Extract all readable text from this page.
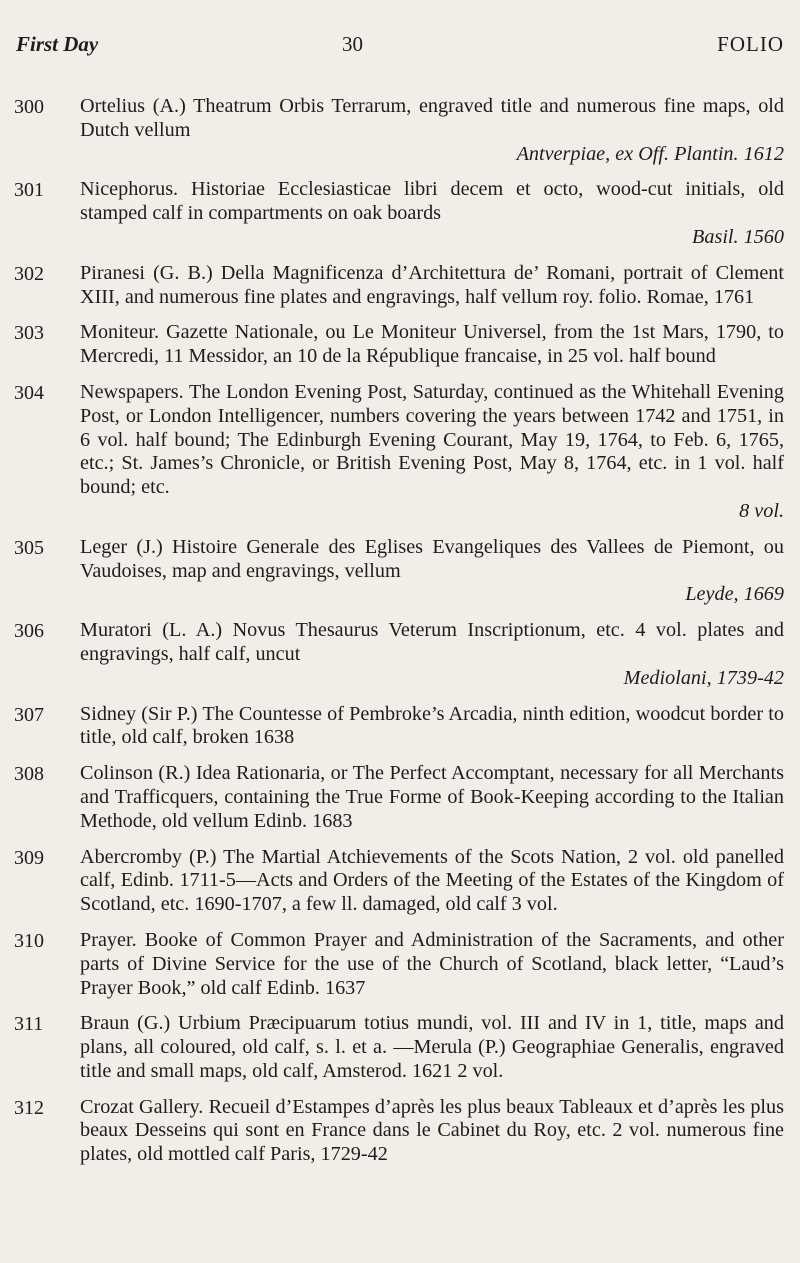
First Day	30	FOLIO
300	Ortelius (A.) Theatrum Orbis Terrarum, engraved title and numerous fine maps, old Dutch vellum
Antverpiae, ex Off. Plantin. 1612
301	Nicephorus. Historiae Ecclesiasticae libri decem et octo, wood-cut initials, old stamped calf in compartments on oak boards
Basil. 1560
302	Piranesi (G. B.) Della Magnificenza d’Architettura de’ Romani, portrait of Clement XIII, and numerous fine plates and engravings, half vellum roy. folio. Romae, 1761
303	Moniteur. Gazette Nationale, ou Le Moniteur Universel, from the 1st Mars, 1790, to Mercredi, 11 Messidor, an 10 de la République francaise, in 25 vol. half bound
304	Newspapers. The London Evening Post, Saturday, continued as the Whitehall Evening Post, or London Intelligencer, numbers covering the years between 1742 and 1751, in 6 vol. half bound; The Edinburgh Evening Courant, May 19, 1764, to Feb. 6, 1765, etc.; St. James’s Chronicle, or British Evening Post, May 8, 1764, etc. in 1 vol. half bound; etc.
8 vol.
305	Leger (J.) Histoire Generale des Eglises Evangeliques des Vallees de Piemont, ou Vaudoises, map and engravings, vellum
Leyde, 1669
306	Muratori (L. A.) Novus Thesaurus Veterum Inscriptionum, etc. 4 vol. plates and engravings, half calf, uncut
Mediolani, 1739-42
307	Sidney (Sir P.) The Countesse of Pembroke’s Arcadia, ninth edition, woodcut border to title, old calf, broken 1638
308	Colinson (R.) Idea Rationaria, or The Perfect Accomptant, necessary for all Merchants and Trafficquers, containing the True Forme of Book-Keeping according to the Italian Methode, old vellum Edinb. 1683
309	Abercromby (P.) The Martial Atchievements of the Scots Nation, 2 vol. old panelled calf, Edinb. 1711-5—Acts and Orders of the Meeting of the Estates of the Kingdom of Scotland, etc. 1690-1707, a few ll. damaged, old calf 3 vol.
310	Prayer. Booke of Common Prayer and Administration of the Sacraments, and other parts of Divine Service for the use of the Church of Scotland, black letter, “Laud’s Prayer Book,” old calf Edinb. 1637
311	Braun (G.) Urbium Præcipuarum totius mundi, vol. III and IV in 1, title, maps and plans, all coloured, old calf, s. l. et a. —Merula (P.) Geographiae Generalis, engraved title and small maps, old calf, Amsterod. 1621 2 vol.
312	Crozat Gallery. Recueil d’Estampes d’après les plus beaux Tableaux et d’après les plus beaux Desseins qui sont en France dans le Cabinet du Roy, etc. 2 vol. numerous fine plates, old mottled calf Paris, 1729-42
